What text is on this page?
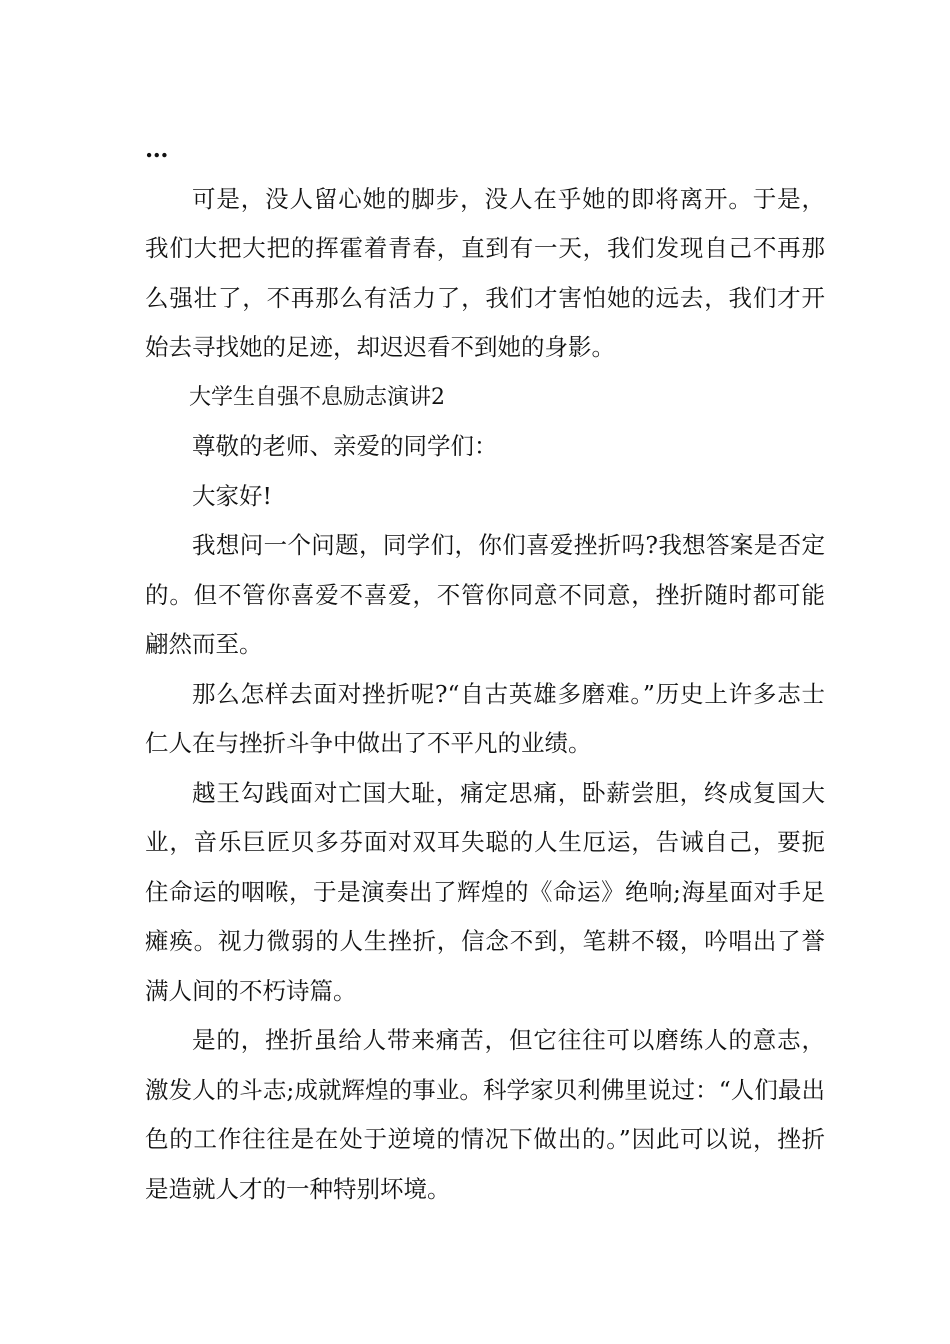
…

可是，没人留心她的脚步，没人在乎她的即将离开。于是，我们大把大把的挥霍着青春，直到有一天，我们发现自己不再那么强壮了，不再那么有活力了，我们才害怕她的远去，我们才开始去寻找她的足迹，却迟迟看不到她的身影。

大学生自强不息励志演讲2

尊敬的老师、亲爱的同学们：

大家好!

我想问一个问题，同学们，你们喜爱挫折吗?我想答案是否定的。但不管你喜爱不喜爱，不管你同意不同意，挫折随时都可能翩然而至。

那么怎样去面对挫折呢?“自古英雄多磨难。”历史上许多志士仁人在与挫折斗争中做出了不平凡的业绩。

越王勾践面对亡国大耻，痛定思痛，卧薪尝胆，终成复国大业，音乐巨匠贝多芬面对双耳失聪的人生厄运，告诫自己，要扼住命运的咽喉，于是演奏出了辉煌的《命运》绝响;海星面对手足瘫痪。视力微弱的人生挫折，信念不到，笔耕不辍，吟唱出了誉满人间的不朽诗篇。

是的，挫折虽给人带来痛苦，但它往往可以磨练人的意志，激发人的斗志;成就辉煌的事业。科学家贝利佛里说过：“人们最出色的工作往往是在处于逆境的情况下做出的。”因此可以说，挫折是造就人才的一种特别坏境。
